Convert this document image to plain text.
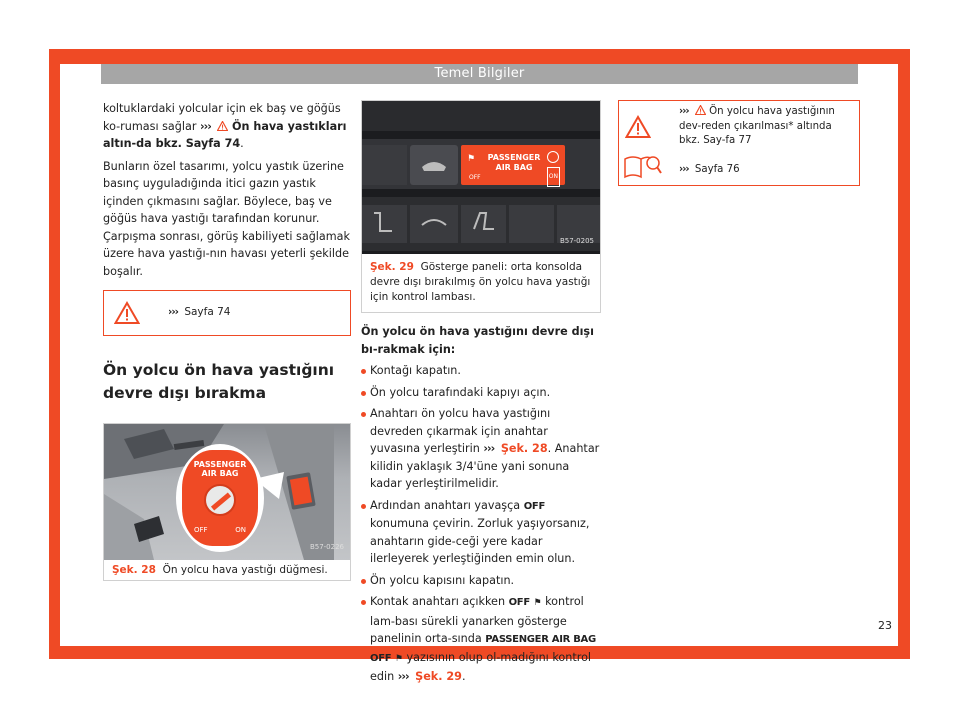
Temel Bilgiler

koltuklardaki yolcular için ek baş ve göğüs ko-ruması sağlar ››› Ön hava yastıkları altın-da bkz. Sayfa 74.

Bunların özel tasarımı, yolcu yastık üzerine basınç uyguladığında itici gazın yastık içinden çıkmasını sağlar. Böylece, baş ve göğüs hava yastığı tarafından korunur. Çarpışma sonrası, görüş kabiliyeti sağlamak üzere hava yastığı-nın havası yeterli şekilde boşalır.

››› Sayfa 74
Ön yolcu ön hava yastığını devre dışı bırakma
PASSENGER
AIR BAG
OFF	ON
B57-0226
Şek. 28 Ön yolcu hava yastığı düğmesi.
⚑
OFF
PASSENGER
AIR BAG
ON
B57-0205
Şek. 29 Gösterge paneli: orta konsolda devre dışı bırakılmış ön yolcu hava yastığı için kontrol lambası.

Ön yolcu ön hava yastığını devre dışı bı-rakmak için:

Kontağı kapatın.
Ön yolcu tarafındaki kapıyı açın.
Anahtarı ön yolcu hava yastığını devreden çıkarmak için anahtar yuvasına yerleştirin ››› Şek. 28. Anahtar kilidin yaklaşık 3/4'üne yani sonuna kadar yerleştirilmelidir.
Ardından anahtarı yavaşça OFF konumuna çevirin. Zorluk yaşıyorsanız, anahtarın gide-ceği yere kadar ilerleyerek yerleştiğinden emin olun.
Ön yolcu kapısını kapatın.
Kontak anahtarı açıkken OFF ⚑ kontrol lam-bası sürekli yanarken gösterge panelinin orta-sında PASSENGER AIR BAG OFF ⚑ yazısının olup ol-madığını kontrol edin ››› Şek. 29.
››› Ön yolcu hava yastığının dev-reden çıkarılması* altında bkz. Say-fa 77
››› Sayfa 76
23
